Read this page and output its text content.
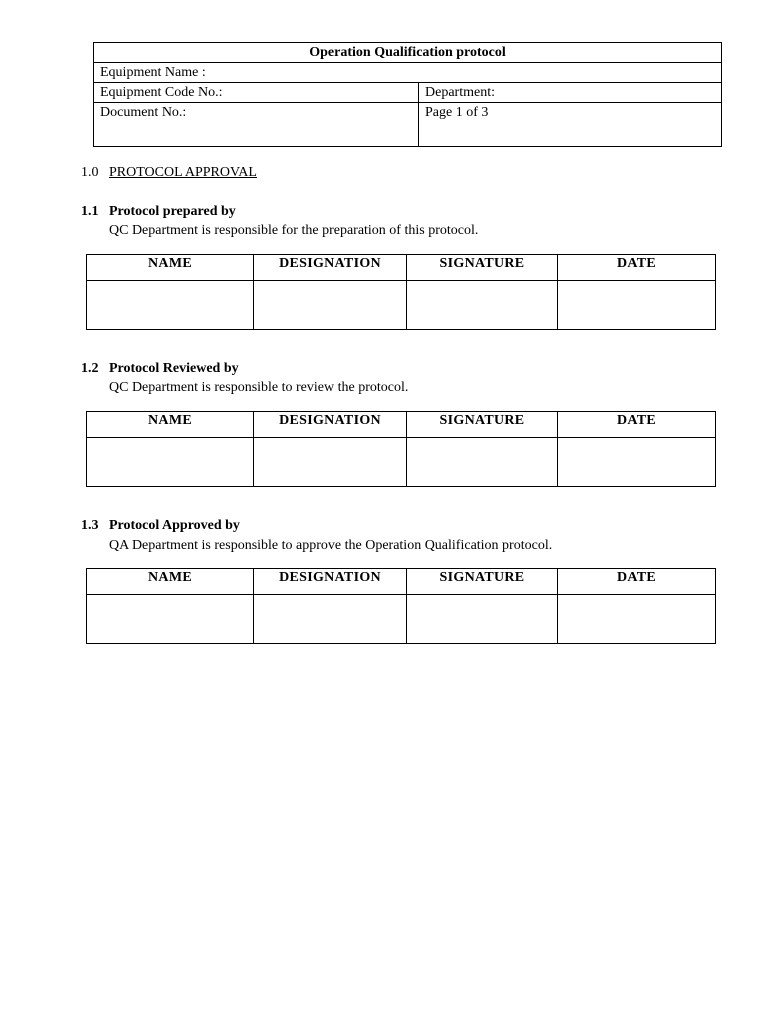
Operation Qualification protocol	
Equipment Name :	
Equipment Code No.:	Department:
Document No.:	Page 1 of 3
1.0 PROTOCOL APPROVAL
1.1 Protocol prepared by
QC Department is responsible for the preparation of this protocol.
NAME	DESIGNATION	SIGNATURE	DATE

1.2 Protocol Reviewed by
QC Department is responsible to review the protocol.
NAME	DESIGNATION	SIGNATURE	DATE

1.3 Protocol Approved by
QA Department is responsible to approve the Operation Qualification protocol.
NAME	DESIGNATION	SIGNATURE	DATE
